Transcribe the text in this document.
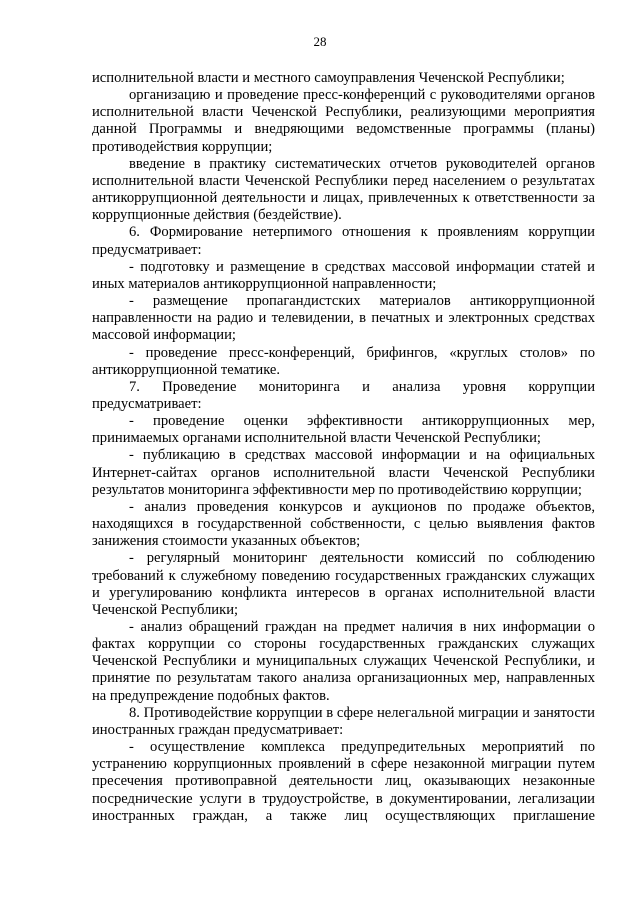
28

исполнительной власти и местного самоуправления Чеченской Республики;

организацию и проведение пресс-конференций с руководителями органов исполнительной власти Чеченской Республики, реализующими мероприятия данной Программы и внедряющими ведомственные программы (планы) противодействия коррупции;

введение в практику систематических отчетов руководителей органов исполнительной власти Чеченской Республики перед населением о результатах антикоррупционной деятельности и лицах, привлеченных к ответственности за коррупционные действия (бездействие).

6. Формирование нетерпимого отношения к проявлениям коррупции предусматривает:

- подготовку и размещение в средствах массовой информации статей и иных материалов антикоррупционной направленности;

- размещение пропагандистских материалов антикоррупционной направленности на радио и телевидении, в печатных и электронных средствах массовой информации;

- проведение пресс-конференций, брифингов, «круглых столов» по антикоррупционной тематике.

7. Проведение мониторинга и анализа уровня коррупции предусматривает:

- проведение оценки эффективности антикоррупционных мер, принимаемых органами исполнительной власти Чеченской Республики;

- публикацию в средствах массовой информации и на официальных Интернет-сайтах органов исполнительной власти Чеченской Республики результатов мониторинга эффективности мер по противодействию коррупции;

- анализ проведения конкурсов и аукционов по продаже объектов, находящихся в государственной собственности, с целью выявления фактов занижения стоимости указанных объектов;

- регулярный мониторинг деятельности комиссий по соблюдению требований к служебному поведению государственных гражданских служащих и урегулированию конфликта интересов в органах исполнительной власти Чеченской Республики;

- анализ обращений граждан на предмет наличия в них информации о фактах коррупции со стороны государственных гражданских служащих Чеченской Республики и муниципальных служащих Чеченской Республики, и принятие по результатам такого анализа организационных мер, направленных на предупреждение подобных фактов.

8. Противодействие коррупции в сфере нелегальной миграции и занятости иностранных граждан предусматривает:

- осуществление комплекса предупредительных мероприятий по устранению коррупционных проявлений в сфере незаконной миграции путем пресечения противоправной деятельности лиц, оказывающих незаконные посреднические услуги в трудоустройстве, в документировании, легализации иностранных граждан, а также лиц осуществляющих приглашение
